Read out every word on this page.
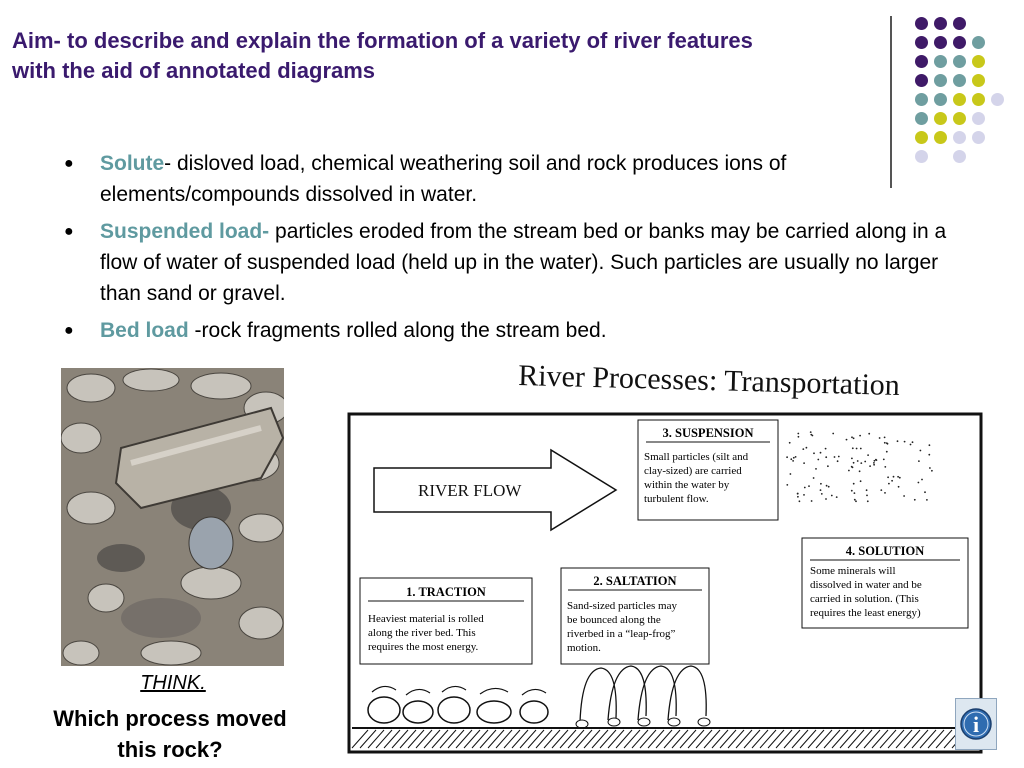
Aim- to describe and explain the formation of a variety of river features with the aid of annotated diagrams
● Solute- disloved load, chemical weathering soil and rock produces ions of elements/compounds dissolved in water.
● Suspended load- particles eroded from the stream bed or banks may be carried along in a flow of water of suspended load (held up in the water). Such particles are usually no larger than sand or gravel.
● Bed load -rock fragments rolled along the stream bed.
THINK.
Which process moved this rock?
River Processes: Transportation
RIVER FLOW
3. SUSPENSION
Small particles (silt and
clay-sized) are carried
within the water by
turbulent flow.
4. SOLUTION
Some minerals will
dissolved in water and be
carried in solution. (This
requires the least energy)
1. TRACTION
Heaviest material is rolled
along the river bed. This
requires the most energy.
2. SALTATION
Sand-sized particles may
be bounced along the
riverbed in a “leap-frog”
motion.
i
